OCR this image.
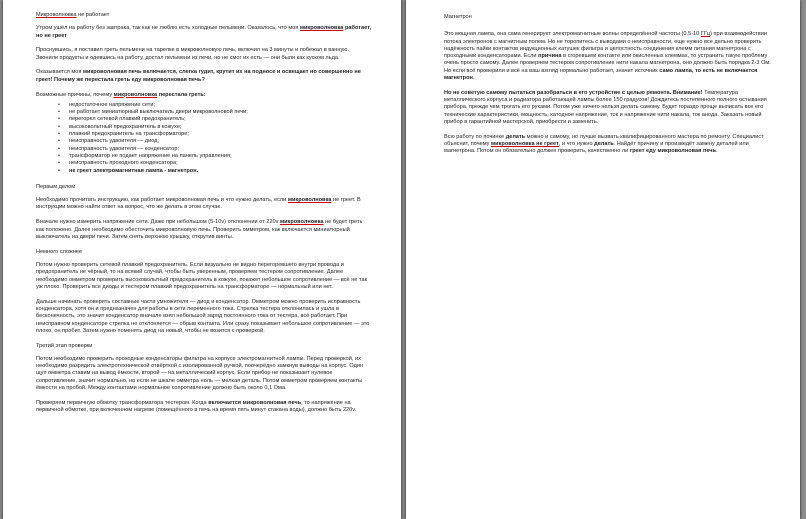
Микроволновка не работает

Утром ушёл на работу без завтрака, так как не люблю есть холодные пельмени. Оказалось, что моя микроволновка работает, но не греет

Проснувшись, я поставил греть пельмени на тарелке в микроволновую печь, включил на 3 минуты и побежал в ванную. Звонили продукты и одевшись на работу, достал пельмени из печи, но не смог их есть — они были как куском льда.

Оказывается моя микроволновая печь включается, слегка гудит, крутит их на подносе и освещает но совершенно не греет! Почему же перестала греть еду микроволновая печь?

Возможные причины, почему микроволновка перестала греть:

• недостаточное напряжение сети;
• не работает миниатюрный выключатель двери микроволновой печи;
• перегорел сетевой плавкий предохранитель;
• высоковольтный предохранитель в кожухе;
• плавкий предохранитель на трансформаторе;
• неисправность удвоителя — диод;
• неисправность удвоителя — конденсатор;
• трансформатор не подает напряжение на панель управления;
• неисправность проходного конденсатора;
• не греет электромагнитная лампа - магнетрон.

Первым делом

Необходимо прочитать инструкцию, как работает микроволновая печь и что нужно делать, если микроволновка не греет. В инструкции можно найти ответ на вопрос, что же делать в этом случае.

Вначале нужно измерить напряжение сети. Даже при небольшом (5-10v) отклонении от 220v микроволновка не будет греть как положено. Далее необходимо обесточить микроволновую печь. Проверить омметром, как включается миниатюрный выключатель на двери печи. Затем снять верхнюю крышку, открутив винты.

Немного сложнее

Потом нужно проверить сетевой плавкий предохранитель. Если визуально не видно перегоревшего внутри провода и предохранитель не чёрный, то на всякий случай, чтобы быть уверенным, проверяем тестером сопротивление. Далее необходимо омметром проверить высоковольтный предохранитель в кожухе, покажет небольшое сопротивление — всё не так уж плохо. Проверить все диоды и тестером плавкий предохранитель на трансформаторе — нормальный или нет.

Дальше начинать проверять составные части умножителя — диод и конденсатор. Омметром можно проверить исправность конденсатора, хотя он и предназначен для работы в сети переменного тока. Стрелка тестера отклонилась и ушла в бесконечность, это значит конденсатор вначале взял небольшой заряд постоянного тока от тестера, всё работает. При неисправном конденсаторе стрелка не отклоняется — обрыв контакта. Или сразу показывает небольшое сопротивление — это плохо, он пробит. Затем нужно поменять диод на новый, чтобы не возится с проверкой.

Третий этап проверки

Потом необходимо проверить проходные конденсаторы фильтра на корпусе электромагнитной лампы. Перед проверкой, их необходимо разрядить электротехнической отвёрткой с изолированной ручкой, поочерёдно замкнув выводы на корпус. Один щуп омметра ставим на вывод ёмкости, второй — на металлический корпус. Если прибор не показывает нулевое сопротивление, значит нормально, но если не шкале омметра ноль — мелкая деталь. Потом омметром проверяем контакты ёмкости на пробой. Между контактами нормальное сопротивление должно быть около 0,1 Ома.

Проверяем первичную обмотку трансформатора тестером. Когда включается микроволновая печь, то напряжение на первичной обмотке, при включенном нагреве (помещённого в печь на время пять минут стакана воды), должно быть 220v.

Магнетрон

Это мощная лампа, она сама генерирует электромагнитные волны определённой частоты (0,5-10 ГГц) при взаимодействии потока электронов с магнитным полем. Но не торопитесь с выводами о неисправности, еще нужно все дельно проверить надёжность пайки контактов индукционных катушек фильтра и целостность соединения клемм питания магнетрона с проходными конденсаторами. Если причина в сгоревшем контакте или окисленных клеммах, то устранить такую проблему очень просто самому. Далее проверяем тестером сопротивление нити накала магнетрона, оно должно быть порядка 2-3 Ом. Но если всё проверили и всё на ваш взгляд нормально работает, значит источник само лампа, то есть не включается магнетрон.

Но не советую самому пытаться разобраться в его устройстве с целью ремонта. Внимание! Температура металлического корпуса и радиатора работающей лампы более 150 градусов! Дождитесь постепенного полного остывания прибора, прежде чем трогать его руками. Потом уже ничего нельзя делать самому. Будет гораздо проще выписать все его технические характеристики, мощность, катодное напряжение, ток и напряжение нити накала, ток анода. Заказать новый прибор в гарантийной мастерской, приобрести и заменить.

Всю работу по починке делать можно и самому, но лучше вызвать квалифицированного мастера по ремонту. Специалист объяснит, почему микроволновка не греет, и что нужно делать. Найдёт причину и произведёт замену деталей или магнетрона. Потом он обязательно должен проверить, качественно ли греет еду микроволновая печь.
